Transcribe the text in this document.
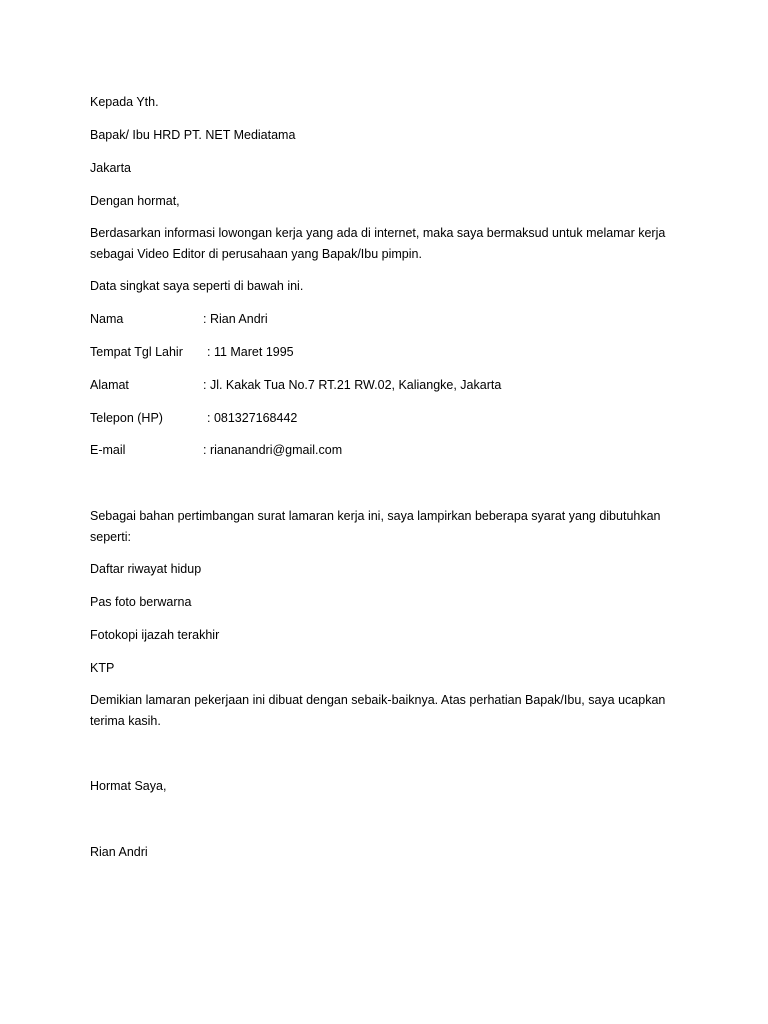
Kepada Yth.
Bapak/ Ibu HRD PT. NET Mediatama
Jakarta
Dengan hormat,
Berdasarkan informasi lowongan kerja yang ada di internet, maka saya bermaksud untuk melamar kerja
sebagai Video Editor di perusahaan yang Bapak/Ibu pimpin.
Data singkat saya seperti di bawah ini.
Nama	: Rian Andri
Tempat Tgl Lahir : 11 Maret 1995
Alamat	: Jl. Kakak Tua No.7 RT.21 RW.02, Kaliangke, Jakarta
Telepon (HP)	: 081327168442
E-mail	: riananandri@gmail.com
Sebagai bahan pertimbangan surat lamaran kerja ini, saya lampirkan beberapa syarat yang dibutuhkan
seperti:
Daftar riwayat hidup
Pas foto berwarna
Fotokopi ijazah terakhir
KTP
Demikian lamaran pekerjaan ini dibuat dengan sebaik-baiknya. Atas perhatian Bapak/Ibu, saya ucapkan
terima kasih.
Hormat Saya,
Rian Andri
